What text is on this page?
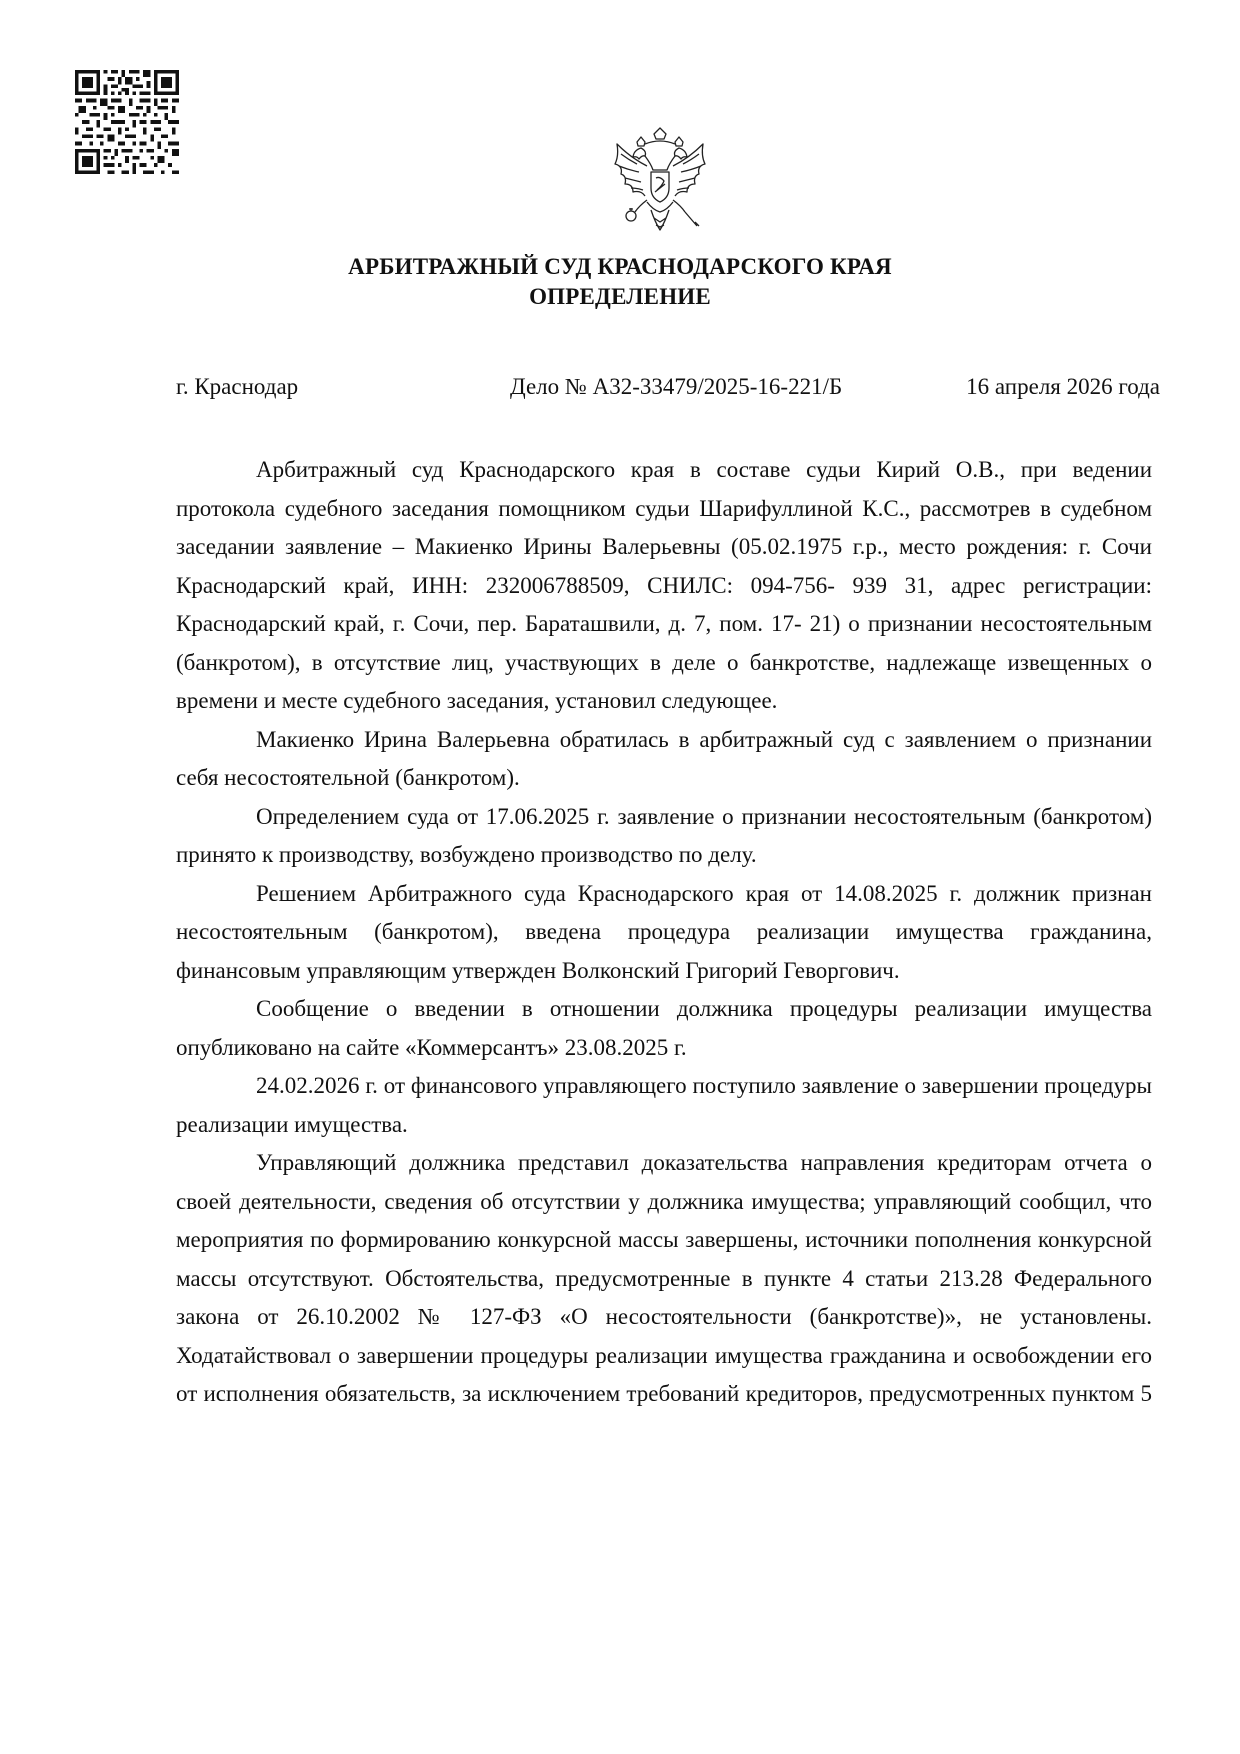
АРБИТРАЖНЫЙ СУД КРАСНОДАРСКОГО КРАЯ
ОПРЕДЕЛЕНИЕ
г. Краснодар	Дело № А32-33479/2025-16-221/Б	16 апреля 2026 года

Арбитражный суд Краснодарского края в составе судьи Кирий О.В., при ведении протокола судебного заседания помощником судьи Шарифуллиной К.С., рассмотрев в судебном заседании заявление – Макиенко Ирины Валерьевны (05.02.1975 г.р., место рождения: г. Сочи Краснодарский край, ИНН: 232006788509, СНИЛС: 094-756- 939 31, адрес регистрации: Краснодарский край, г. Сочи, пер. Бараташвили, д. 7, пом. 17- 21) о признании несостоятельным (банкротом), в отсутствие лиц, участвующих в деле о банкротстве, надлежаще извещенных о времени и месте судебного заседания, установил следующее.

Макиенко Ирина Валерьевна обратилась в арбитражный суд с заявлением о признании себя несостоятельной (банкротом).

Определением суда от 17.06.2025 г. заявление о признании несостоятельным (банкротом) принято к производству, возбуждено производство по делу.

Решением Арбитражного суда Краснодарского края от 14.08.2025 г. должник признан несостоятельным (банкротом), введена процедура реализации имущества гражданина, финансовым управляющим утвержден Волконский Григорий Геворгович.

Сообщение о введении в отношении должника процедуры реализации имущества опубликовано на сайте «Коммерсантъ» 23.08.2025 г.

24.02.2026 г. от финансового управляющего поступило заявление о завершении процедуры реализации имущества.

Управляющий должника представил доказательства направления кредиторам отчета о своей деятельности, сведения об отсутствии у должника имущества; управляющий сообщил, что мероприятия по формированию конкурсной массы завершены, источники пополнения конкурсной массы отсутствуют. Обстоятельства, предусмотренные в пункте 4 статьи 213.28 Федерального закона от 26.10.2002 № 127-ФЗ «О несостоятельности (банкротстве)», не установлены. Ходатайствовал о завершении процедуры реализации имущества гражданина и освобождении его от исполнения обязательств, за исключением требований кредиторов, предусмотренных пунктом 5
